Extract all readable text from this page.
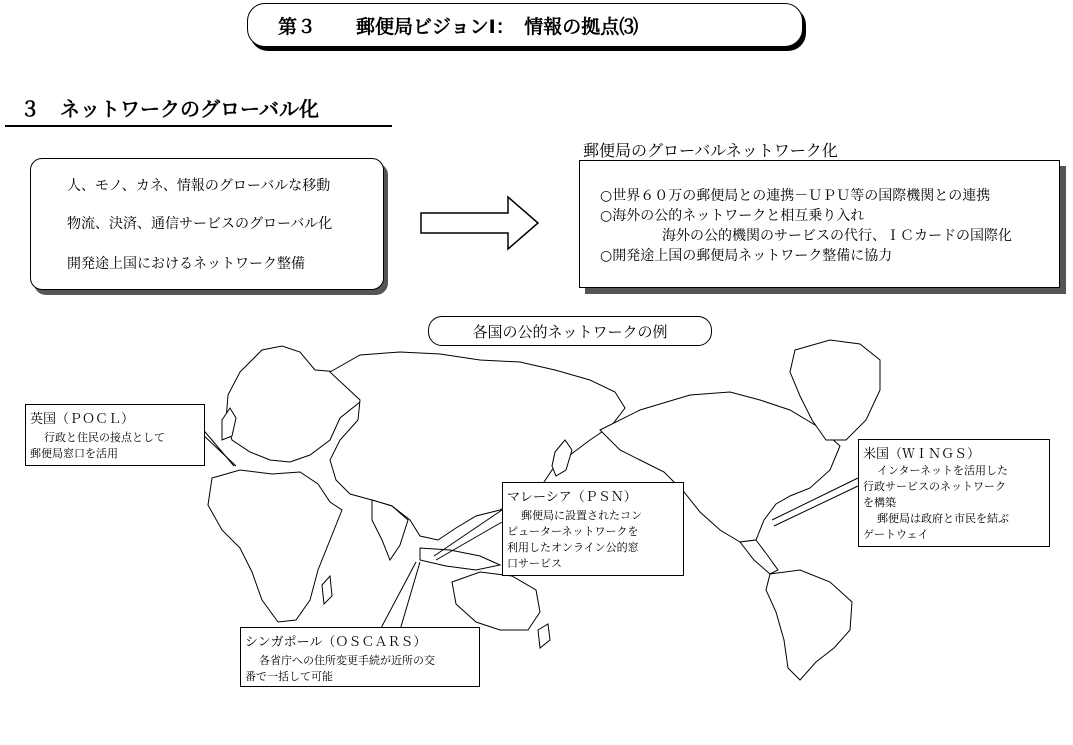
第３ 郵便局ビジョンⅠ：　情報の拠点⑶
３　 ネットワークのグローバル化
人、モノ、カネ、情報のグローバルな移動
物流、決済、通信サービスのグローバル化
開発途上国におけるネットワーク整備
郵便局のグローバルネットワーク化
○世界６０万の郵便局との連携－ＵＰＵ等の国際機関との連携
○海外の公的ネットワークと相互乗り入れ
海外の公的機関のサービスの代行、ＩＣカードの国際化
○開発途上国の郵便局ネットワーク整備に協力
各国の公的ネットワークの例
英国（ＰＯＣＬ）
行政と住民の接点として
郵便局窓口を活用
マレーシア（ＰＳＮ）
郵便局に設置されたコン
ピューターネットワークを
利用したオンライン公的窓
口サービス
シンガポール（ＯＳＣＡＲＳ）
各省庁への住所変更手続が近所の交
番で一括して可能
米国（ＷＩＮＧＳ）
インターネットを活用した
行政サービスのネットワーク
を構築
郵便局は政府と市民を結ぶ
ゲートウェイ
